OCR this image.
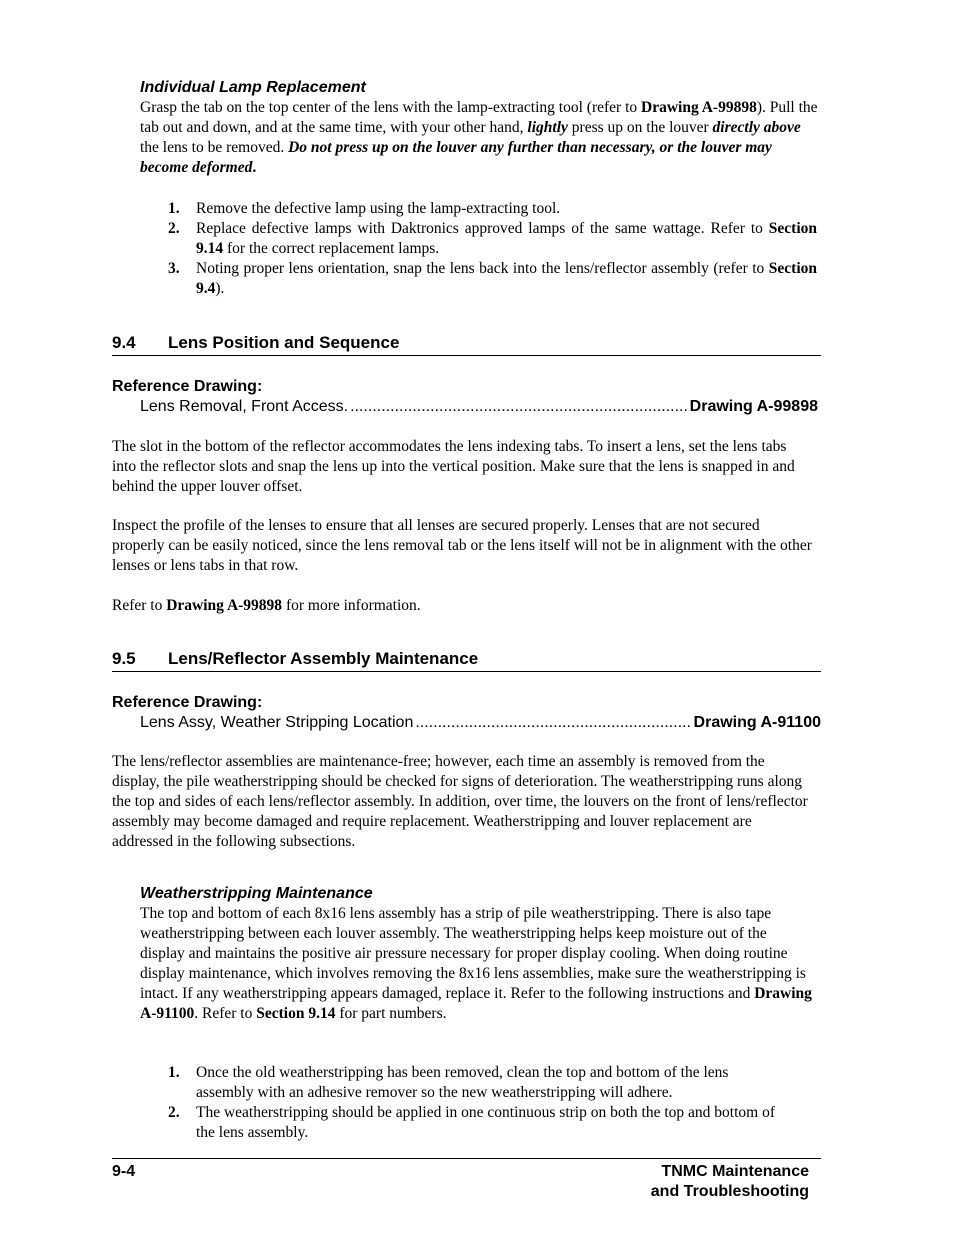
Individual Lamp Replacement

Grasp the tab on the top center of the lens with the lamp-extracting tool (refer to Drawing A-99898). Pull the tab out and down, and at the same time, with your other hand, lightly press up on the louver directly above the lens to be removed. Do not press up on the louver any further than necessary, or the louver may become deformed.

1. Remove the defective lamp using the lamp-extracting tool.
2. Replace defective lamps with Daktronics approved lamps of the same wattage. Refer to Section 9.14 for the correct replacement lamps.
3. Noting proper lens orientation, snap the lens back into the lens/reflector assembly (refer to Section 9.4).
9.4 Lens Position and Sequence
Reference Drawing:
Lens Removal, Front Access. .....	Drawing A-99898

The slot in the bottom of the reflector accommodates the lens indexing tabs. To insert a lens, set the lens tabs into the reflector slots and snap the lens up into the vertical position. Make sure that the lens is snapped in and behind the upper louver offset.

Inspect the profile of the lenses to ensure that all lenses are secured properly. Lenses that are not secured properly can be easily noticed, since the lens removal tab or the lens itself will not be in alignment with the other lenses or lens tabs in that row.

Refer to Drawing A-99898 for more information.

9.5 Lens/Reflector Assembly Maintenance
Reference Drawing:
Lens Assy, Weather Stripping Location .....	Drawing A-91100

The lens/reflector assemblies are maintenance-free; however, each time an assembly is removed from the display, the pile weatherstripping should be checked for signs of deterioration. The weatherstripping runs along the top and sides of each lens/reflector assembly. In addition, over time, the louvers on the front of lens/reflector assembly may become damaged and require replacement. Weatherstripping and louver replacement are addressed in the following subsections.

Weatherstripping Maintenance

The top and bottom of each 8x16 lens assembly has a strip of pile weatherstripping. There is also tape weatherstripping between each louver assembly. The weatherstripping helps keep moisture out of the display and maintains the positive air pressure necessary for proper display cooling. When doing routine display maintenance, which involves removing the 8x16 lens assemblies, make sure the weatherstripping is intact. If any weatherstripping appears damaged, replace it. Refer to the following instructions and Drawing A-91100. Refer to Section 9.14 for part numbers.

1. Once the old weatherstripping has been removed, clean the top and bottom of the lens assembly with an adhesive remover so the new weatherstripping will adhere.
2. The weatherstripping should be applied in one continuous strip on both the top and bottom of the lens assembly.
9-4	TNMC Maintenance
and Troubleshooting
